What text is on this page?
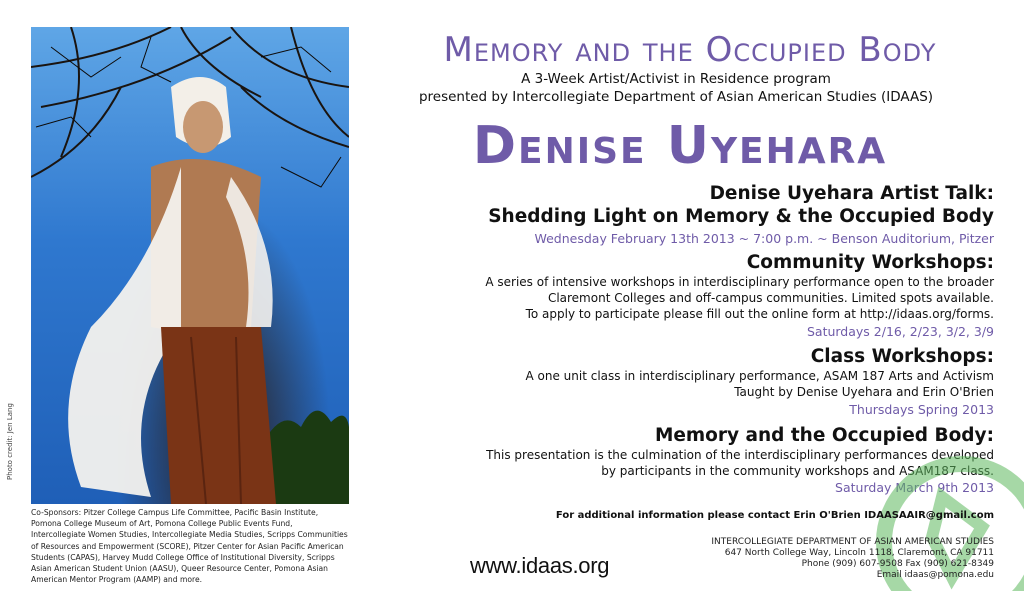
Photo credit: Jen Lang
Co-Sponsors: Pitzer College Campus Life Committee, Pacific Basin Institute, Pomona College Museum of Art, Pomona College Public Events Fund, Intercollegiate Women Studies, Intercollegiate Media Studies, Scripps Communities of Resources and Empowerment (SCORE), Pitzer Center for Asian Pacific American Students (CAPAS), Harvey Mudd College Office of Institutional Diversity, Scripps Asian American Student Union (AASU), Queer Resource Center, Pomona Asian American Mentor Program (AAMP) and more.
www.idaas.org
Memory and the Occupied Body
A 3-Week Artist/Activist in Residence program
presented by Intercollegiate Department of Asian American Studies (IDAAS)
Denise Uyehara
Denise Uyehara Artist Talk:
Shedding Light on Memory & the Occupied Body
Wednesday February 13th 2013 ~ 7:00 p.m. ~ Benson Auditorium, Pitzer
Community Workshops:
A series of intensive workshops in interdisciplinary performance open to the broader
Claremont Colleges and off-campus communities. Limited spots available.
To apply to participate please fill out the online form at http://idaas.org/forms.
Saturdays 2/16, 2/23, 3/2, 3/9
Class Workshops:
A one unit class in interdisciplinary performance, ASAM 187 Arts and Activism
Taught by Denise Uyehara and Erin O'Brien
Thursdays Spring 2013
Memory and the Occupied Body:
This presentation is the culmination of the interdisciplinary performances developed
by participants in the community workshops and ASAM187 class.
Saturday March 9th 2013
For additional information please contact Erin O'Brien IDAASAAIR@gmail.com
INTERCOLLEGIATE DEPARTMENT OF ASIAN AMERICAN STUDIES
647 North College Way, Lincoln 1118, Claremont, CA 91711
Phone (909) 607-9508 Fax (909) 621-8349
Email idaas@pomona.edu
